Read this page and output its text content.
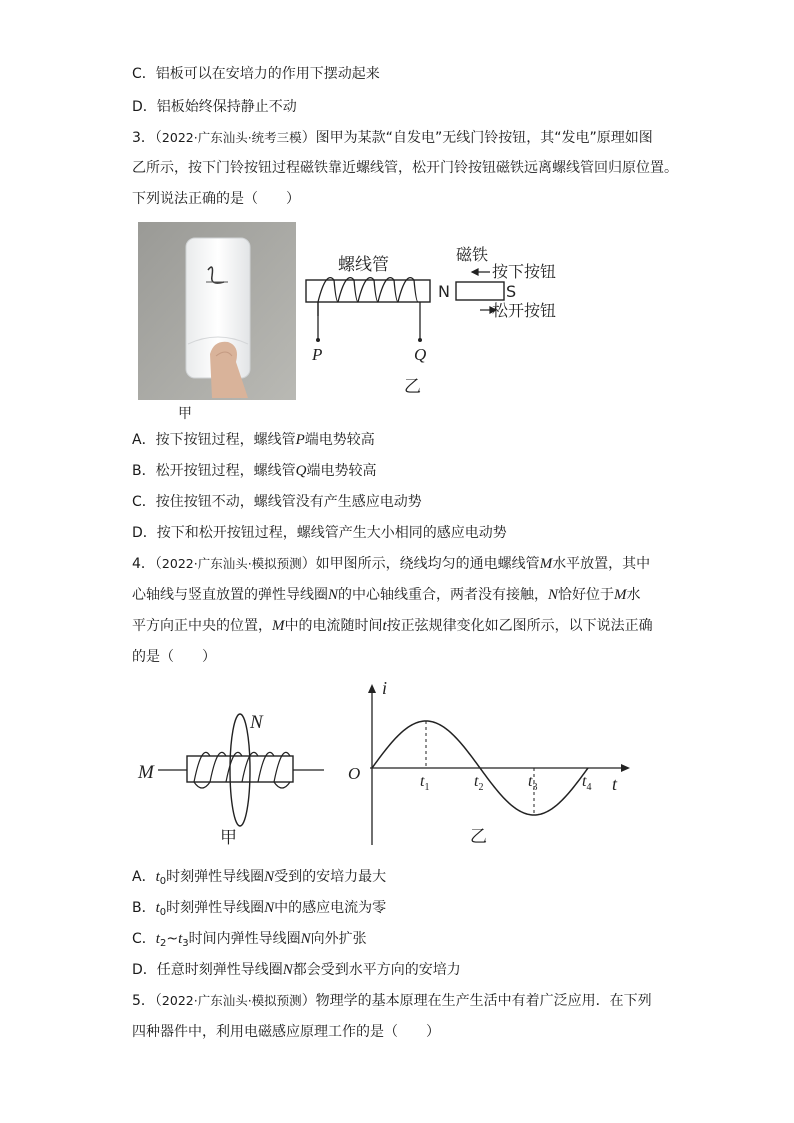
C．铝板可以在安培力的作用下摆动起来
D．铝板始终保持静止不动
3．（2022·广东汕头·统考三模）图甲为某款“自发电”无线门铃按钮，其“发电”原理如图
乙所示，按下门铃按钮过程磁铁靠近螺线管，松开门铃按钮磁铁远离螺线管回归原位置。
下列说法正确的是（　　）
甲
螺线管
P	Q
N	S
磁铁
按下按钮
松开按钮
乙
A．按下按钮过程，螺线管P端电势较高
B．松开按钮过程，螺线管Q端电势较高
C．按住按钮不动，螺线管没有产生感应电动势
D．按下和松开按钮过程，螺线管产生大小相同的感应电动势
4．（2022·广东汕头·模拟预测）如甲图所示，绕线均匀的通电螺线管M水平放置，其中
心轴线与竖直放置的弹性导线圈N的中心轴线重合，两者没有接触，N恰好位于M水
平方向正中央的位置，M中的电流随时间t按正弦规律变化如乙图所示，以下说法正确
的是（　　）
M
N
甲
i
t
O	$t_1$	$t_2$	$t_3$	$t_4$
乙
A．$t_0$时刻弹性导线圈N受到的安培力最大
B．$t_0$时刻弹性导线圈N中的感应电流为零
C．$t_2\sim t_3$时间内弹性导线圈N向外扩张
D．任意时刻弹性导线圈N都会受到水平方向的安培力
5．（2022·广东汕头·模拟预测）物理学的基本原理在生产生活中有着广泛应用．在下列
四种器件中，利用电磁感应原理工作的是（　　）
